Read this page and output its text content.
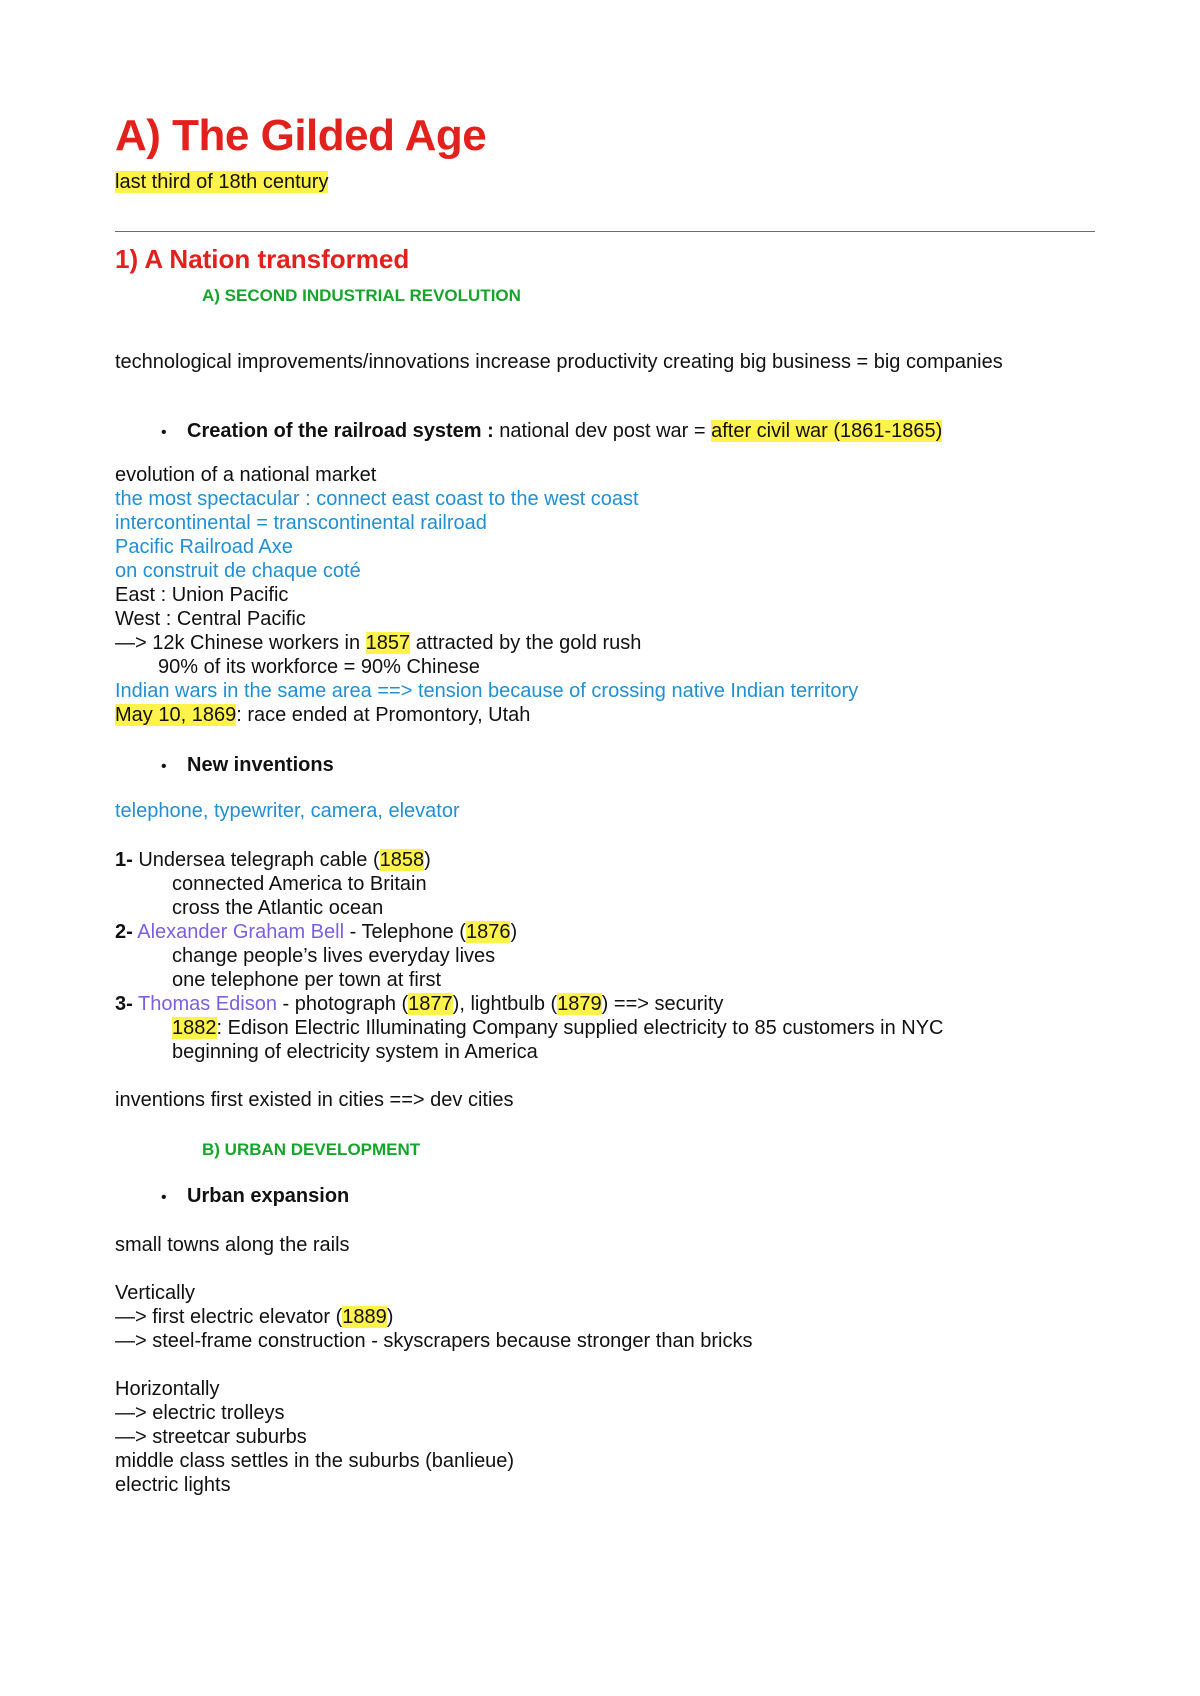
A) The Gilded Age
last third of 18th century
1) A Nation transformed
A) SECOND INDUSTRIAL REVOLUTION
technological improvements/innovations increase productivity creating big business = big companies
• Creation of the railroad system : national dev post war = after civil war (1861-1865)
evolution of a national market
the most spectacular : connect east coast to the west coast
intercontinental = transcontinental railroad
Pacific Railroad Axe
on construit de chaque coté
East : Union Pacific
West : Central Pacific
—> 12k Chinese workers in 1857 attracted by the gold rush
90% of its workforce = 90% Chinese
Indian wars in the same area ==> tension because of crossing native Indian territory
May 10, 1869: race ended at Promontory, Utah
• New inventions
telephone, typewriter, camera, elevator
1- Undersea telegraph cable (1858)
connected America to Britain
cross the Atlantic ocean
2- Alexander Graham Bell - Telephone (1876)
change people’s lives everyday lives
one telephone per town at first
3- Thomas Edison - photograph (1877), lightbulb (1879) ==> security
1882: Edison Electric Illuminating Company supplied electricity to 85 customers in NYC
beginning of electricity system in America
inventions first existed in cities ==> dev cities
B) URBAN DEVELOPMENT
• Urban expansion
small towns along the rails
Vertically
—> first electric elevator (1889)
—> steel-frame construction - skyscrapers because stronger than bricks
Horizontally
—> electric trolleys
—> streetcar suburbs
middle class settles in the suburbs (banlieue)
electric lights
